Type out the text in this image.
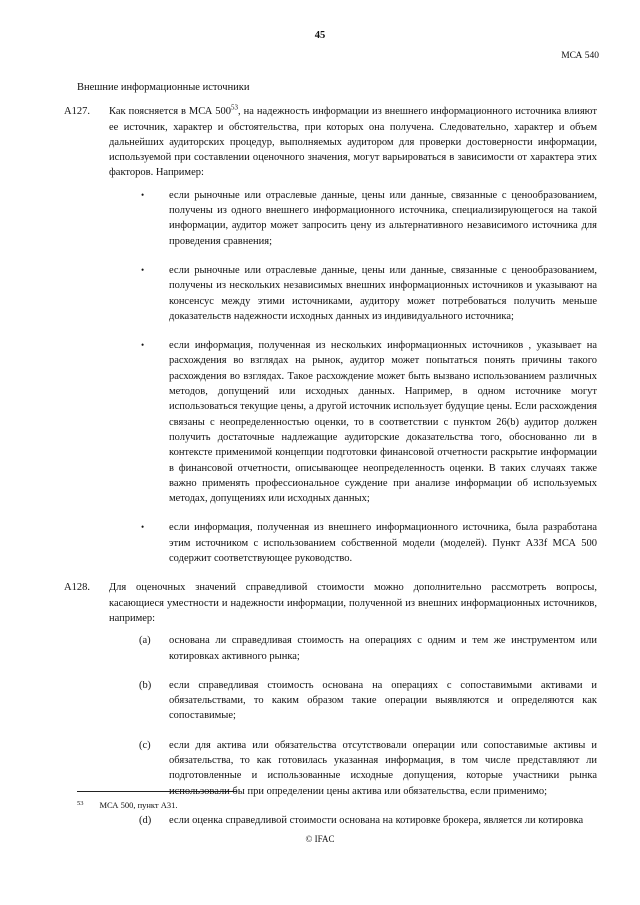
45
МСА 540

Внешние информационные источники

A127. Как поясняется в МСА $500^{53}$, на надежность информации из внешнего информационного источника влияют ее источник, характер и обстоятельства, при которых она получена. Следовательно, характер и объем дальнейших аудиторских процедур, выполняемых аудитором для проверки достоверности информации, используемой при составлении оценочного значения, могут варьироваться в зависимости от характера этих факторов. Например:
• если рыночные или отраслевые данные, цены или данные, связанные с ценообразованием, получены из одного внешнего информационного источника, специализирующегося на такой информации, аудитор может запросить цену из альтернативного независимого источника для проведения сравнения;
• если рыночные или отраслевые данные, цены или данные, связанные с ценообразованием, получены из нескольких независимых внешних информационных источников и указывают на консенсус между этими источниками, аудитору может потребоваться получить меньше доказательств надежности исходных данных из индивидуального источника;
• если информация, полученная из нескольких информационных источников , указывает на расхождения во взглядах на рынок, аудитор может попытаться понять причины такого расхождения во взглядах. Такое расхождение может быть вызвано использованием различных методов, допущений или исходных данных. Например, в одном источнике могут использоваться текущие цены, а другой источник использует будущие цены. Если расхождения связаны с неопределенностью оценки, то в соответствии с пунктом 26(b) аудитор должен получить достаточные надлежащие аудиторские доказательства того, обоснованно ли в контексте применимой концепции подготовки финансовой отчетности раскрытие информации в финансовой отчетности, описывающее неопределенность оценки. В таких случаях также важно применять профессиональное суждение при анализе информации об используемых методах, допущениях или исходных данных;
• если информация, полученная из внешнего информационного источника, была разработана этим источником с использованием собственной модели (моделей). Пункт A33f МСА 500 содержит соответствующее руководство.
A128. Для оценочных значений справедливой стоимости можно дополнительно рассмотреть вопросы, касающиеся уместности и надежности информации, полученной из внешних информационных источников, например:
(a) основана ли справедливая стоимость на операциях с одним и тем же инструментом или котировках активного рынка;
(b) если справедливая стоимость основана на операциях с сопоставимыми активами и обязательствами, то каким образом такие операции выявляются и определяются как сопоставимые;
(c) если для актива или обязательства отсутствовали операции или сопоставимые активы и обязательства, то как готовилась указанная информация, в том числе представляют ли подготовленные и использованные исходные допущения, которые участники рынка использовали бы при определении цены актива или обязательства, если применимо;
(d) если оценка справедливой стоимости основана на котировке брокера, является ли котировка
$^{53}$ МСА 500, пункт A31.
© IFAC
